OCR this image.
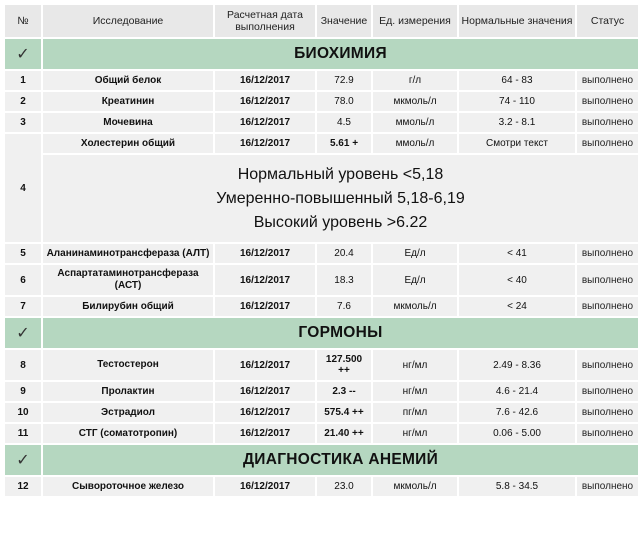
№	Исследование	Расчетная дата выполнения	Значение	Ед. измерения	Нормальные значения	Статус
✓	БИОХИМИЯ					
1	Общий белок	16/12/2017	72.9	г/л	64 - 83	выполнено
2	Креатинин	16/12/2017	78.0	мкмоль/л	74 - 110	выполнено
3	Мочевина	16/12/2017	4.5	ммоль/л	3.2 - 8.1	выполнено
4	Холестерин общий	16/12/2017	5.61 +	ммоль/л	Смотри текст	выполнено

	Нормальный уровень <5,18
Умеренно-повышенный 5,18-6,19
Высокий уровень >6.22					

5	Аланинаминотрансфераза (АЛТ)	16/12/2017	20.4	Ед/л	< 41	выполнено
6	Аспартатаминотрансфераза (АСТ)	16/12/2017	18.3	Ед/л	< 40	выполнено
7	Билирубин общий	16/12/2017	7.6	мкмоль/л	< 24	выполнено
✓	ГОРМОНЫ					
8	Тестостерон	16/12/2017	127.500 ++	нг/мл	2.49 - 8.36	выполнено
9	Пролактин	16/12/2017	2.3 --	нг/мл	4.6 - 21.4	выполнено
10	Эстрадиол	16/12/2017	575.4 ++	пг/мл	7.6 - 42.6	выполнено
11	СТГ (соматотропин)	16/12/2017	21.40 ++	нг/мл	0.06 - 5.00	выполнено
✓	ДИАГНОСТИКА АНЕМИЙ					
12	Сывороточное железо	16/12/2017	23.0	мкмоль/л	5.8 - 34.5	выполнено
